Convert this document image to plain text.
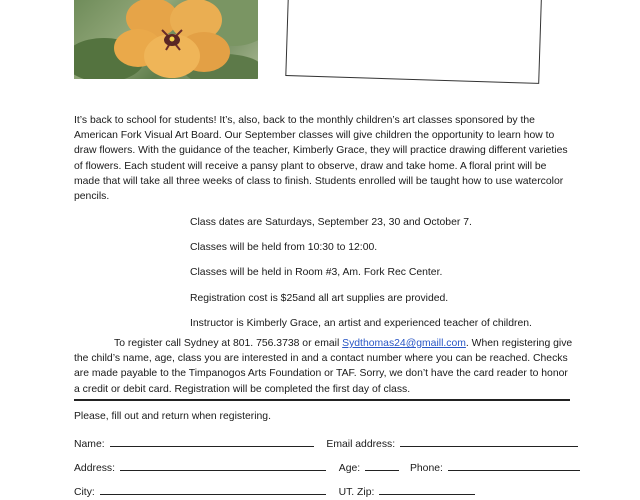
It’s back to school for students! It’s, also, back to the monthly children’s art classes sponsored by the American Fork Visual Art Board. Our September classes will give children the opportunity to learn how to draw flowers. With the guidance of the teacher, Kimberly Grace, they will practice drawing different varieties of flowers. Each student will receive a pansy plant to observe, draw and take home. A floral print will be made that will take all three weeks of class to finish. Students enrolled will be taught how to use watercolor pencils.

Class dates are Saturdays, September 23, 30 and October 7.

Classes will be held from 10:30 to 12:00.

Classes will be held in Room #3, Am. Fork Rec Center.

Registration cost is $25and all art supplies are provided.

Instructor is Kimberly Grace, an artist and experienced teacher of children.

To register call Sydney at 801. 756.3738 or email Sydthomas24@gmaill.com. When registering give the child’s name, age, class you are interested in and a contact number where you can be reached. Checks are made payable to the Timpanogos Arts Foundation or TAF. Sorry, we don’t have the card reader to honor a credit or debit card. Registration will be completed the first day of class.

Please, fill out and return when registering.
Name:	Email address:
Address:	Age:	Phone:
City:	UT. Zip:
